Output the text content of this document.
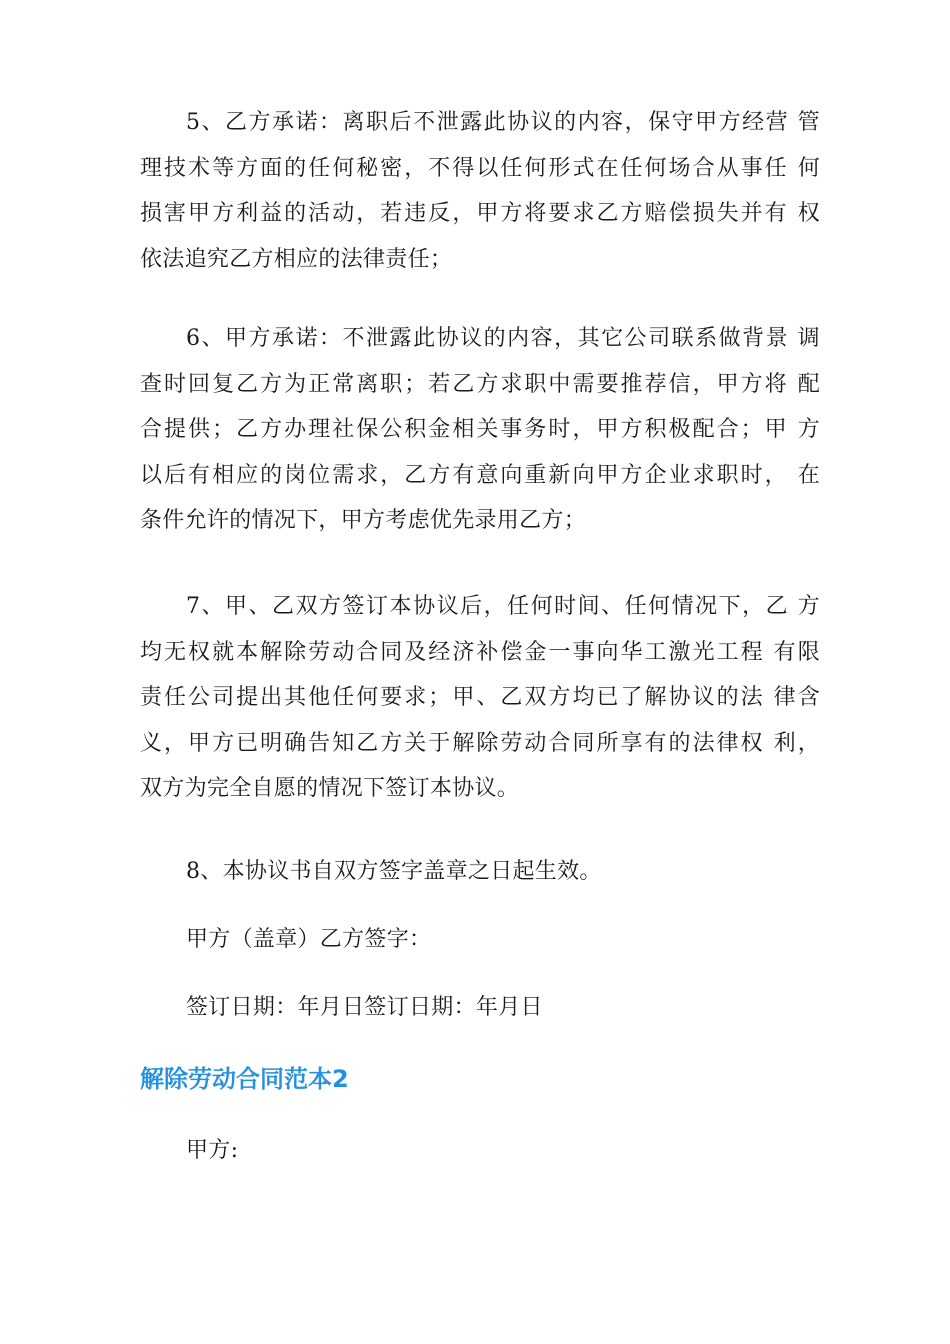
5、乙方承诺：离职后不泄露此协议的内容，保守甲方经营 管
理技术等方面的任何秘密，不得以任何形式在任何场合从事任 何
损害甲方利益的活动，若违反，甲方将要求乙方赔偿损失并有 权
依法追究乙方相应的法律责任；

6、甲方承诺：不泄露此协议的内容，其它公司联系做背景 调
查时回复乙方为正常离职；若乙方求职中需要推荐信，甲方将 配
合提供；乙方办理社保公积金相关事务时，甲方积极配合；甲 方
以后有相应的岗位需求，乙方有意向重新向甲方企业求职时， 在
条件允许的情况下，甲方考虑优先录用乙方；

7、甲、乙双方签订本协议后，任何时间、任何情况下，乙 方
均无权就本解除劳动合同及经济补偿金一事向华工激光工程 有限
责任公司提出其他任何要求；甲、乙双方均已了解协议的法 律含
义，甲方已明确告知乙方关于解除劳动合同所享有的法律权 利，
双方为完全自愿的情况下签订本协议。

8、本协议书自双方签字盖章之日起生效。

甲方（盖章）乙方签字：

签订日期：年月日签订日期：年月日

解除劳动合同范本2

甲方:
